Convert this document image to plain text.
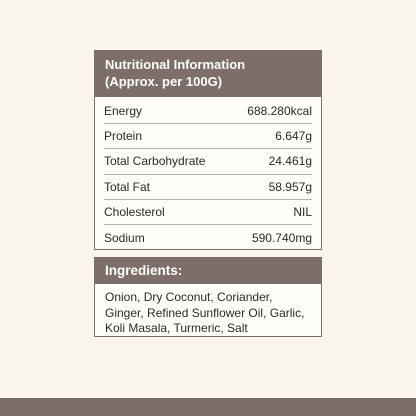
Nutritional Information
(Approx. per 100G)
Energy	688.280kcal
Protein	6.647g
Total Carbohydrate	24.461g
Total Fat	58.957g
Cholesterol	NIL
Sodium	590.740mg
Ingredients:
Onion, Dry Coconut, Coriander, Ginger, Refined Sunflower Oil, Garlic, Koli Masala, Turmeric, Salt
